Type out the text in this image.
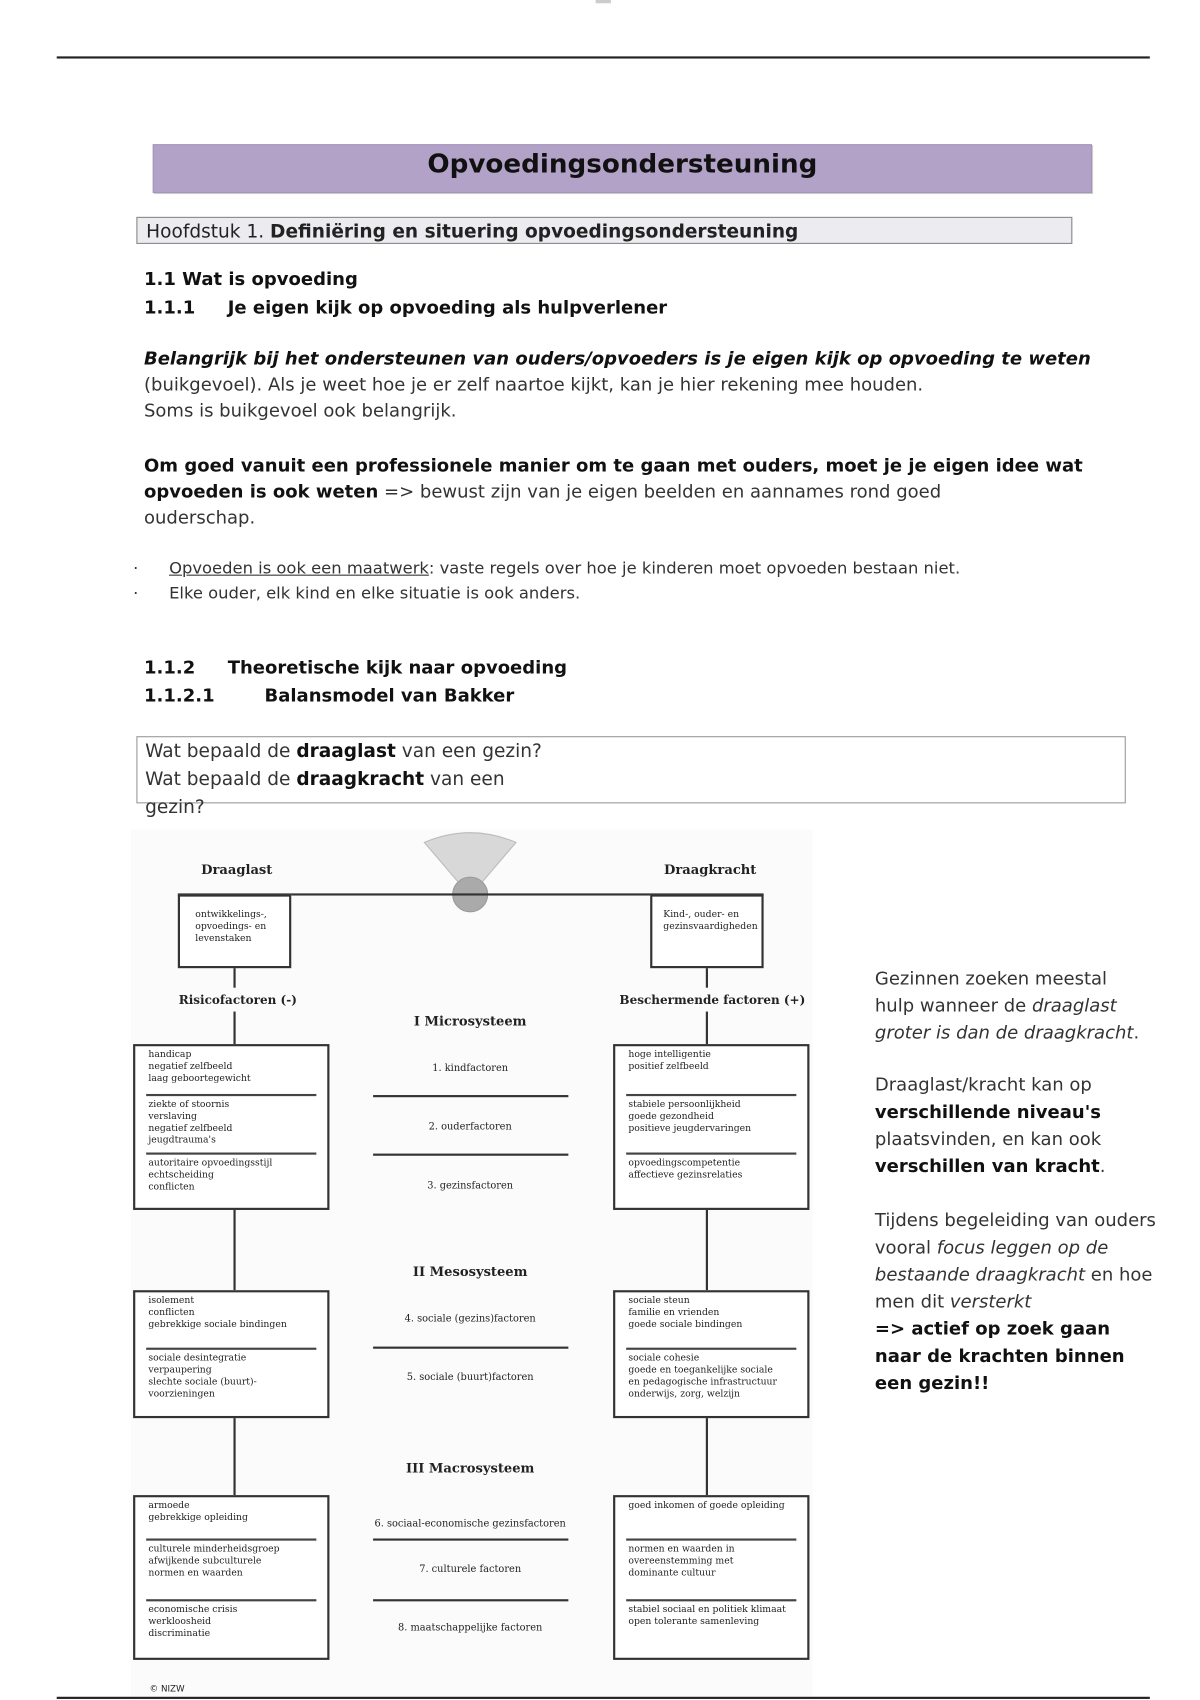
Opvoedingsondersteuning
Hoofdstuk 1. Definiëring en situering opvoedingsondersteuning
1.1 Wat is opvoeding
1.1.1 Je eigen kijk op opvoeding als hulpverlener
Belangrijk bij het ondersteunen van ouders/opvoeders is je eigen kijk op opvoeding te weten
(buikgevoel). Als je weet hoe je er zelf naartoe kijkt, kan je hier rekening mee houden.
Soms is buikgevoel ook belangrijk.
Om goed vanuit een professionele manier om te gaan met ouders, moet je je eigen idee wat
opvoeden is ook weten => bewust zijn van je eigen beelden en aannames rond goed
ouderschap.
· Opvoeden is ook een maatwerk: vaste regels over hoe je kinderen moet opvoeden bestaan niet.
· Elke ouder, elk kind en elke situatie is ook anders.
1.1.2 Theoretische kijk naar opvoeding
1.1.2.1	Balansmodel van Bakker
Wat bepaald de draaglast van een gezin?
Wat bepaald de draagkracht van een
gezin?
Draaglast	Draagkracht
ontwikkelings-, opvoedings- en levenstaken
Kind-, ouder- en gezinsvaardigheden
Risicofactoren (-)	Beschermende factoren (+)
I Microsysteem
1. kindfactoren
2. ouderfactoren
3. gezinsfactoren
handicap
negatief zelfbeeld
laag geboortegewicht
ziekte of stoornis
verslaving
negatief zelfbeeld
jeugdtrauma's
autoritaire opvoedingsstijl
echtscheiding
conflicten
hoge intelligentie
positief zelfbeeld
stabiele persoonlijkheid
goede gezondheid
positieve jeugdervaringen
opvoedingscompetentie
affectieve gezinsrelaties
II Mesosysteem
4. sociale (gezins)factoren
5. sociale (buurt)factoren
isolement
conflicten
gebrekkige sociale bindingen
sociale desintegratie
verpaupering
slechte sociale (buurt)-
voorzieningen
sociale steun
familie en vrienden
goede sociale bindingen
sociale cohesie
goede en toegankelijke sociale
en pedagogische infrastructuur
onderwijs, zorg, welzijn
III Macrosysteem
6. sociaal-economische gezinsfactoren
7. culturele factoren
8. maatschappelijke factoren
armoede
gebrekkige opleiding
culturele minderheidsgroep
afwijkende subculturele
normen en waarden
economische crisis
werkloosheid
discriminatie
goed inkomen of goede opleiding
normen en waarden in
overeenstemming met
dominante cultuur
stabiel sociaal en politiek klimaat
open tolerante samenleving
© NIZW
Gezinnen zoeken meestal
hulp wanneer de draaglast
groter is dan de draagkracht.
Draaglast/kracht kan op
verschillende niveau's
plaatsvinden, en kan ook
verschillen van kracht.
Tijdens begeleiding van ouders
vooral focus leggen op de
bestaande draagkracht en hoe
men dit versterkt
=> actief op zoek gaan
naar de krachten binnen
een gezin!!
